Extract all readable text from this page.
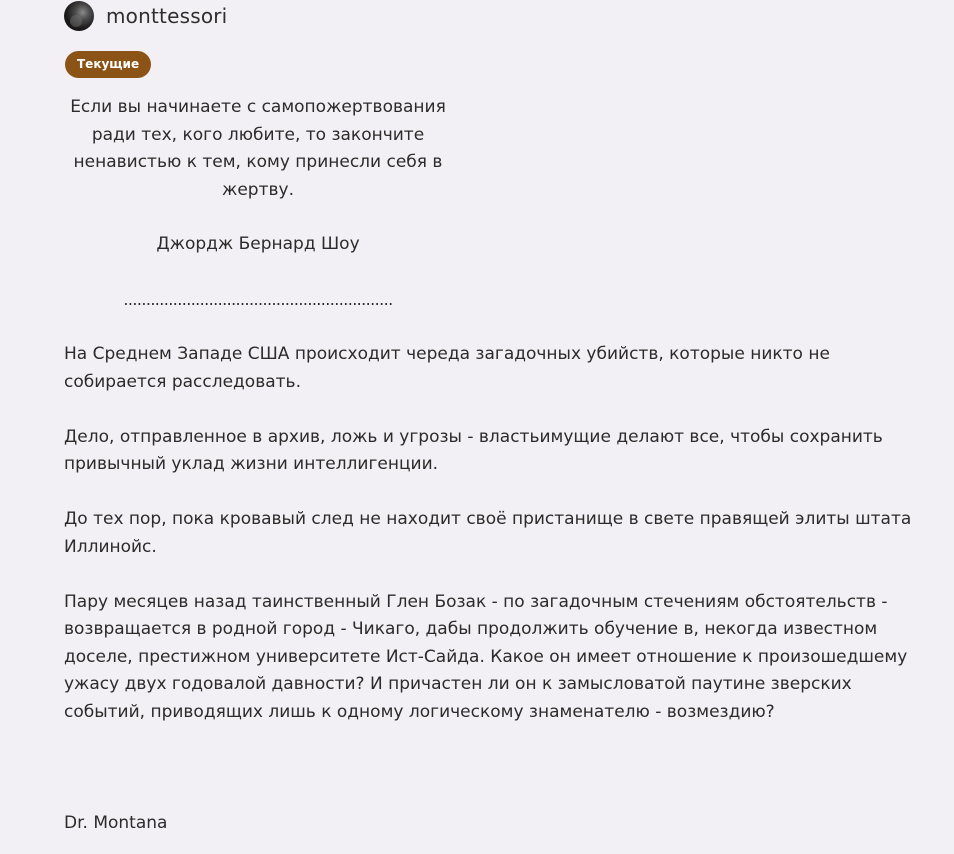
monttessori
Текущие
Если вы начинаете с самопожертвования
ради тех, кого любите, то закончите
ненавистью к тем, кому принесли себя в
жертву.
Джордж Бернард Шоу
............................................................

На Среднем Западе США происходит череда загадочных убийств, которые никто не собирается расследовать.

Дело, отправленное в архив, ложь и угрозы - властьимущие делают все, чтобы сохранить привычный уклад жизни интеллигенции.

До тех пор, пока кровавый след не находит своё пристанище в свете правящей элиты штата Иллинойс.

Пару месяцев назад таинственный Глен Бозак - по загадочным стечениям обстоятельств - возвращается в родной город - Чикаго, дабы продолжить обучение в, некогда известном доселе, престижном университете Ист-Сайда. Какое он имеет отношение к произошедшему ужасу двух годовалой давности? И причастен ли он к замысловатой паутине зверских событий, приводящих лишь к одному логическому знаменателю - возмездию?

Dr. Montana
